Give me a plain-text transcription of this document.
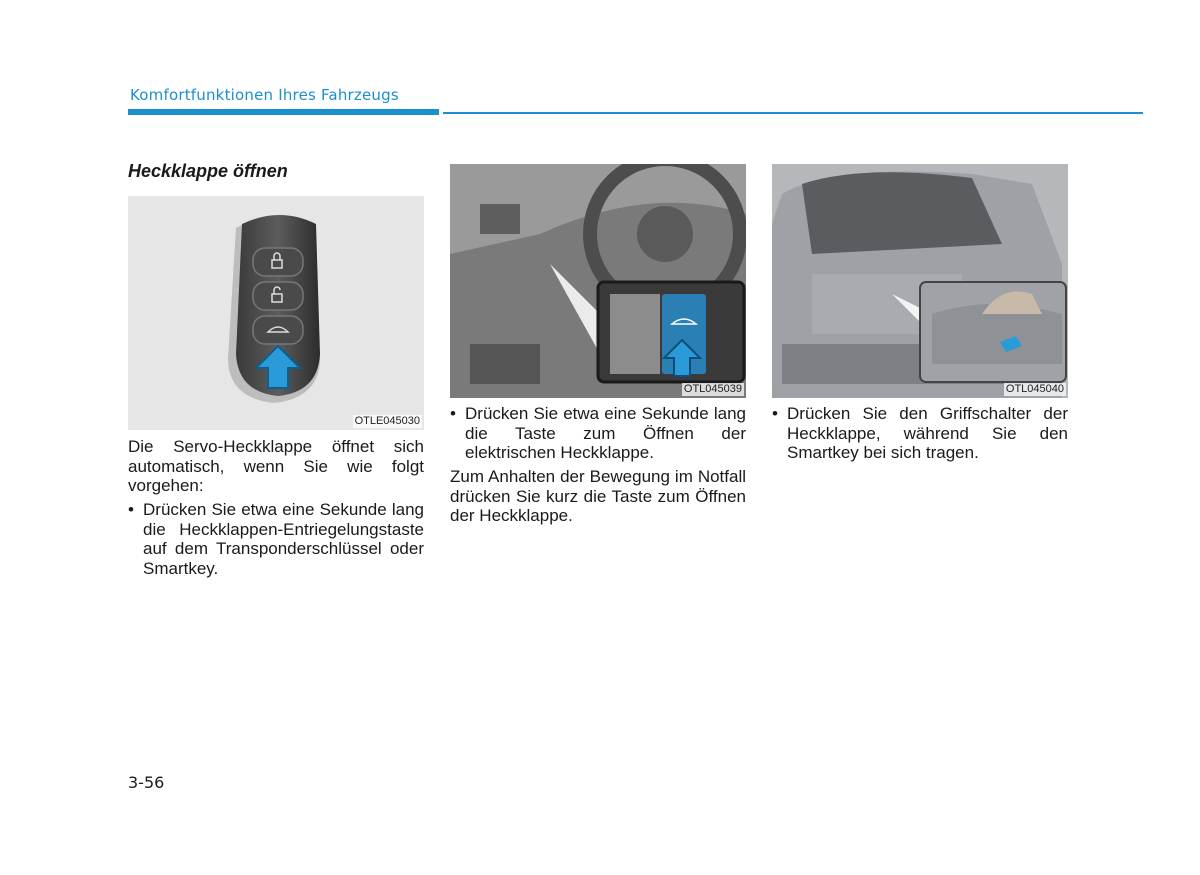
Komfortfunktionen Ihres Fahrzeugs
Heckklappe öffnen
OTLE045030
OTL045039	OTL045040
Die Servo-Heckklappe öffnet sich automatisch, wenn Sie wie folgt vorgehen:
• Drücken Sie etwa eine Sekunde lang die Heckklappen-Entriegelungstaste auf dem Transponderschlüssel oder Smartkey.
• Drücken Sie etwa eine Sekunde lang die Taste zum Öffnen der elektrischen Heckklappe.
Zum Anhalten der Bewegung im Notfall drücken Sie kurz die Taste zum Öffnen der Heckklappe.
• Drücken Sie den Griffschalter der Heckklappe, während Sie den Smartkey bei sich tragen.
3-56
